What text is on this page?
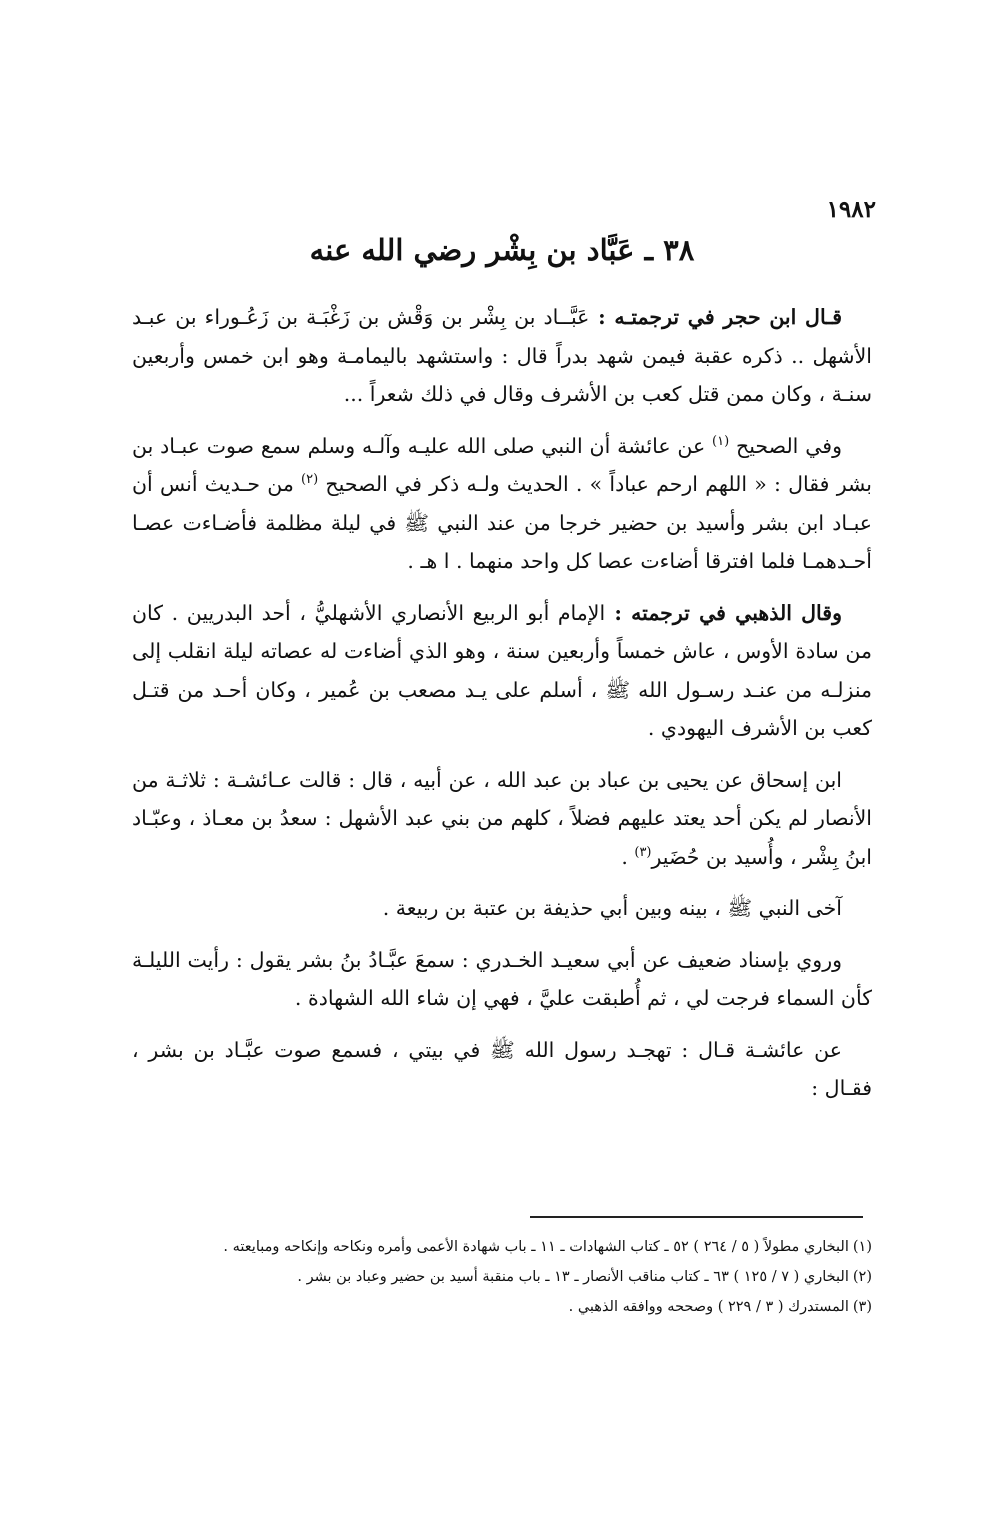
١٩٨٢
٣٨ ـ عَبَّاد بن بِشْر رضي الله عنه

قـال ابن حجر في ترجمتـه : عَبَّــاد بن بِشْر بن وَقْش بن زَغْبَـة بن زَعُـوراء بن عبـد الأشهل .. ذكره عقبة فيمن شهد بدراً قال : واستشهد باليمامـة وهو ابن خمس وأربعين سنـة ، وكان ممن قتل كعب بن الأشرف وقال في ذلك شعراً ...

وفي الصحيح $^{(١)}$ عن عائشة أن النبي صلى الله عليـه وآلـه وسلم سمع صوت عبـاد بن بشر فقال : « اللهم ارحم عباداً » . الحديث ولـه ذكر في الصحيح $^{(٢)}$ من حـديث أنس أن عبـاد ابن بشر وأسيد بن حضير خرجا من عند النبي ﷺ في ليلة مظلمة فأضـاءت عصـا أحـدهمـا فلما افترقا أضاءت عصا كل واحد منهما . ا هـ .

وقال الذهبي في ترجمته : الإمام أبو الربيع الأنصاري الأشهليُّ ، أحد البدريين . كان من سادة الأوس ، عاش خمساً وأربعين سنة ، وهو الذي أضاءت له عصاته ليلة انقلب إلى منزلـه من عنـد رسـول الله ﷺ ، أسلم على يـد مصعب بن عُمير ، وكان أحـد من قتـل كعب بن الأشرف اليهودي .

ابن إسحاق عن يحيى بن عباد بن عبد الله ، عن أبيه ، قال : قالت عـائشـة : ثلاثـة من الأنصار لم يكن أحد يعتد عليهم فضلاً ، كلهم من بني عبد الأشهل : سعدُ بن معـاذ ، وعبّـاد ابنُ بِشْر ، وأُسيد بن حُضَير$^{(٣)}$ .

آخى النبي ﷺ ، بينه وبين أبي حذيفة بن عتبة بن ربيعة .

وروي بإسناد ضعيف عن أبي سعيـد الخـدري : سمعَ عبَّـادُ بنُ بشر يقول : رأيت الليلـة كأن السماء فرجت لي ، ثم أُطبقت عليَّ ، فهي إن شاء الله الشهادة .

عن عائشـة قـال : تهجـد رسول الله ﷺ في بيتي ، فسمع صوت عبَّـاد بن بشر ، فقـال :

(١)البخاري مطولاً ( ٥ / ٢٦٤ ) ٥٢ ـ كتاب الشهادات ـ ١١ ـ باب شهادة الأعمى وأمره ونكاحه وإنكاحه ومبايعته .
(٢)البخاري ( ٧ / ١٢٥ ) ٦٣ ـ كتاب مناقب الأنصار ـ ١٣ ـ باب منقبة أسيد بن حضير وعباد بن بشر .
(٣)المستدرك ( ٣ / ٢٢٩ ) وصححه ووافقه الذهبي .
